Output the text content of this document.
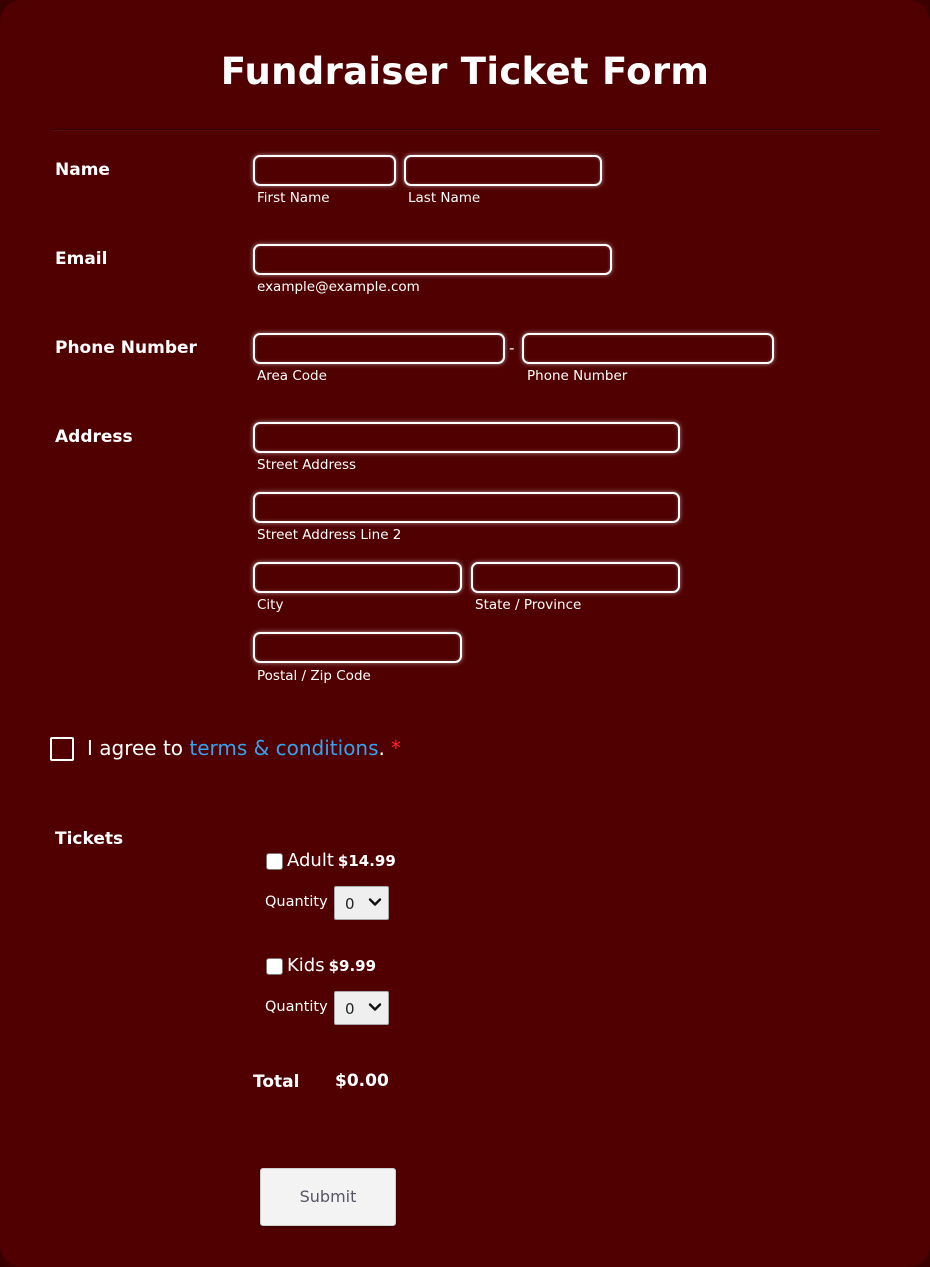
Fundraiser Ticket Form
Name
First Name	Last Name
Email
example@example.com
Phone Number	-
Area Code	Phone Number
Address
Street Address
Street Address Line 2
City	State / Province
Postal / Zip Code
I agree to terms & conditions. *
Tickets
Adult $14.99
Quantity 0
Kids $9.99
Quantity 0
Total $0.00
Submit
